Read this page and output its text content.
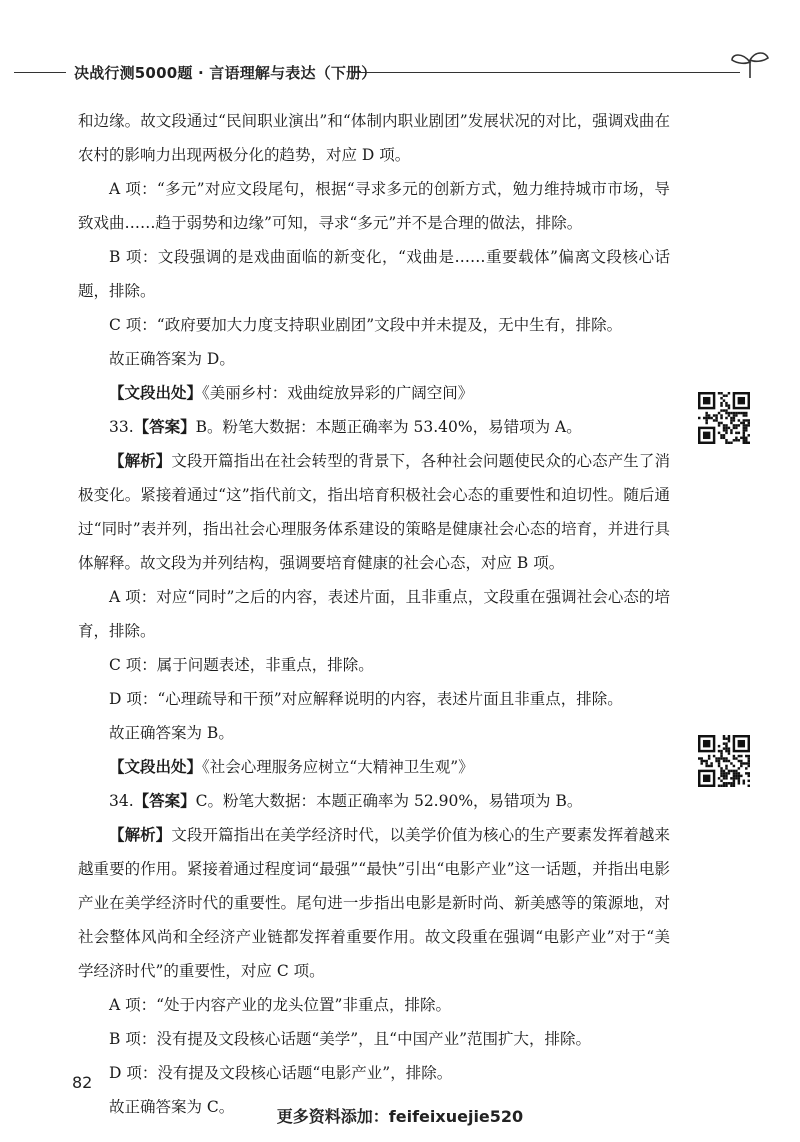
决战行测5000题 · 言语理解与表达（下册）

和边缘。故文段通过“民间职业演出”和“体制内职业剧团”发展状况的对比，强调戏曲在农村的影响力出现两极分化的趋势，对应 D 项。

A 项：“多元”对应文段尾句，根据“寻求多元的创新方式，勉力维持城市市场，导致戏曲……趋于弱势和边缘”可知，寻求“多元”并不是合理的做法，排除。

B 项：文段强调的是戏曲面临的新变化，“戏曲是……重要载体”偏离文段核心话题，排除。

C 项：“政府要加大力度支持职业剧团”文段中并未提及，无中生有，排除。

故正确答案为 D。

【文段出处】《美丽乡村：戏曲绽放异彩的广阔空间》

33.【答案】B。粉笔大数据：本题正确率为 53.40%，易错项为 A。

【解析】文段开篇指出在社会转型的背景下，各种社会问题使民众的心态产生了消极变化。紧接着通过“这”指代前文，指出培育积极社会心态的重要性和迫切性。随后通过“同时”表并列，指出社会心理服务体系建设的策略是健康社会心态的培育，并进行具体解释。故文段为并列结构，强调要培育健康的社会心态，对应 B 项。

A 项：对应“同时”之后的内容，表述片面，且非重点，文段重在强调社会心态的培育，排除。

C 项：属于问题表述，非重点，排除。

D 项：“心理疏导和干预”对应解释说明的内容，表述片面且非重点，排除。

故正确答案为 B。

【文段出处】《社会心理服务应树立“大精神卫生观”》

34.【答案】C。粉笔大数据：本题正确率为 52.90%，易错项为 B。

【解析】文段开篇指出在美学经济时代，以美学价值为核心的生产要素发挥着越来越重要的作用。紧接着通过程度词“最强”“最快”引出“电影产业”这一话题，并指出电影产业在美学经济时代的重要性。尾句进一步指出电影是新时尚、新美感等的策源地，对社会整体风尚和全经济产业链都发挥着重要作用。故文段重在强调“电影产业”对于“美学经济时代”的重要性，对应 C 项。

A 项：“处于内容产业的龙头位置”非重点，排除。

B 项：没有提及文段核心话题“美学”，且“中国产业”范围扩大，排除。

D 项：没有提及文段核心话题“电影产业”，排除。

故正确答案为 C。

82
更多资料添加：feifeixuejie520
